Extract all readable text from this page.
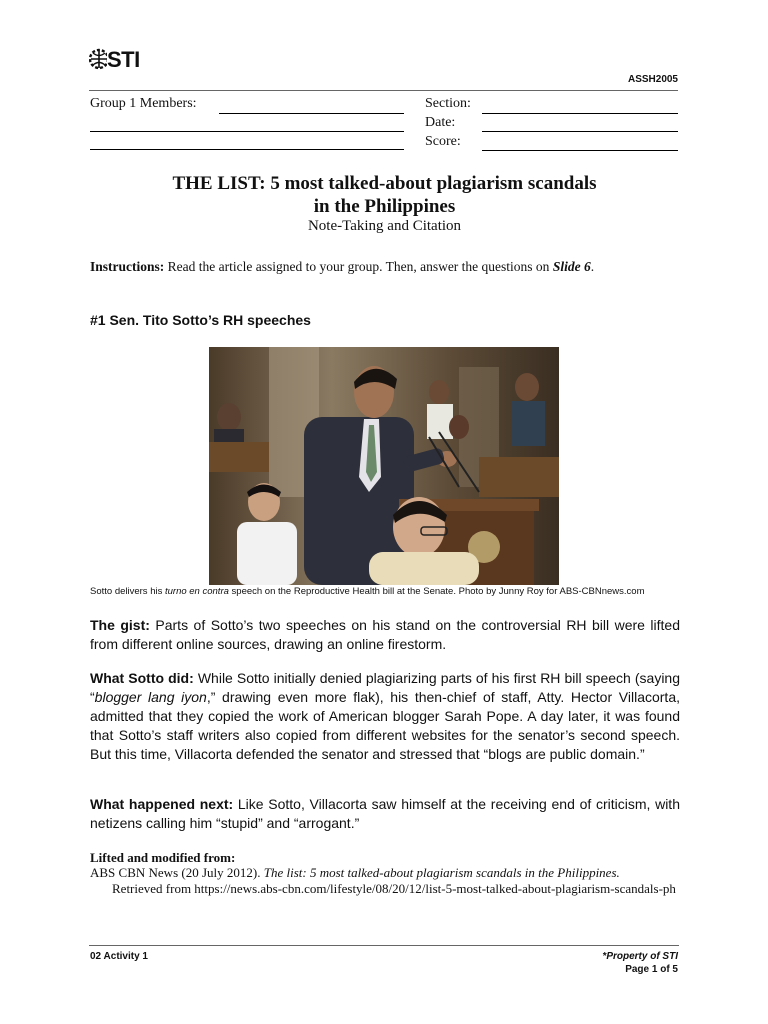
STI
ASSH2005
Group 1 Members:	Section:
Date:
Score:
THE LIST: 5 most talked-about plagiarism scandals
in the Philippines
Note-Taking and Citation
Instructions: Read the article assigned to your group. Then, answer the questions on Slide 6.
#1 Sen. Tito Sotto’s RH speeches
Sotto delivers his turno en contra speech on the Reproductive Health bill at the Senate. Photo by Junny Roy for ABS-CBNnews.com
The gist: Parts of Sotto’s two speeches on his stand on the controversial RH bill were lifted from different online sources, drawing an online firestorm.
What Sotto did: While Sotto initially denied plagiarizing parts of his first RH bill speech (saying “blogger lang iyon,” drawing even more flak), his then-chief of staff, Atty. Hector Villacorta, admitted that they copied the work of American blogger Sarah Pope. A day later, it was found that Sotto’s staff writers also copied from different websites for the senator’s second speech. But this time, Villacorta defended the senator and stressed that “blogs are public domain.”
What happened next: Like Sotto, Villacorta saw himself at the receiving end of criticism, with netizens calling him “stupid” and “arrogant.”
Lifted and modified from:
ABS CBN News (20 July 2012). The list: 5 most talked-about plagiarism scandals in the Philippines.
Retrieved from https://news.abs-cbn.com/lifestyle/08/20/12/list-5-most-talked-about-plagiarism-scandals-ph
02 Activity 1	*Property of STI
Page 1 of 5
